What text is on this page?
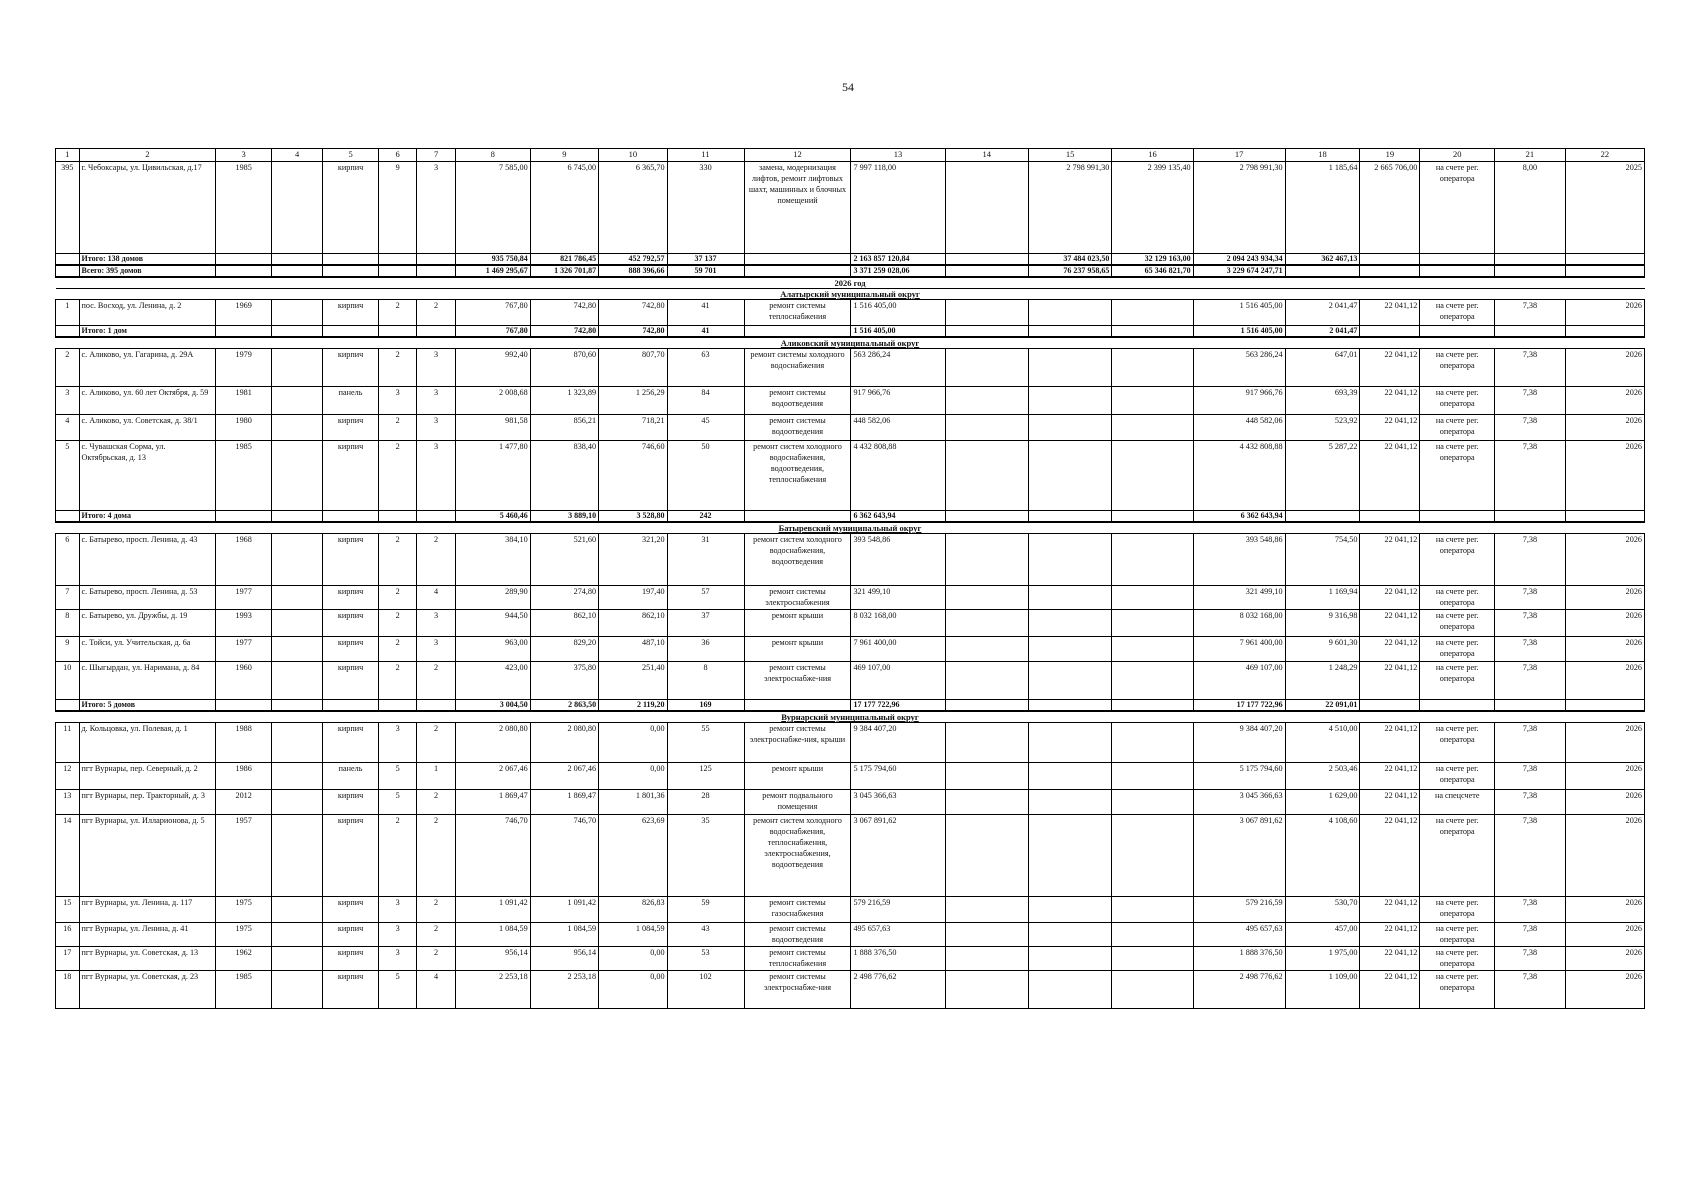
54
1	2	3	4	5	6	7	8	9	10	11	12	13	14	15	16	17	18	19	20	21	22
395	г. Чебоксары, ул. Цивильская, д.17	1985		кирпич	9	3	7 585,00	6 745,00	6 365,70	330	замена, модернизация лифтов, ремонт лифтовых шахт, машинных и блочных помещений	7 997 118,00		2 798 991,30	2 399 135,40	2 798 991,30	1 185,64	2 665 706,00	на счете рег. оператора	8,00	2025
	Итого: 138 домов						935 750,84	821 786,45	452 792,57	37 137		2 163 857 120,84		37 484 023,50	32 129 163,00	2 094 243 934,34	362 467,13				
	Всего: 395 домов						1 469 295,67	1 326 701,87	888 396,66	59 701		3 371 259 028,06		76 237 958,65	65 346 821,70	3 229 674 247,71					
2026 год																					
Алатырский муниципальный округ																					
1	пос. Восход, ул. Ленина, д. 2	1969		кирпич	2	2	767,80	742,80	742,80	41	ремонт системы теплоснабжения	1 516 405,00				1 516 405,00	2 041,47	22 041,12	на счете рег. оператора	7,38	2026
	Итого: 1 дом						767,80	742,80	742,80	41		1 516 405,00				1 516 405,00	2 041,47				
Аликовский муниципальный округ																					
2	с. Аликово, ул. Гагарина, д. 29А	1979		кирпич	2	3	992,40	870,60	807,70	63	ремонт системы холодного водоснабжения	563 286,24				563 286,24	647,01	22 041,12	на счете рег. оператора	7,38	2026
3	с. Аликово, ул. 60 лет Октября, д. 59	1981		панель	3	3	2 008,68	1 323,89	1 256,29	84	ремонт системы водоотведения	917 966,76				917 966,76	693,39	22 041,12	на счете рег. оператора	7,38	2026
4	с. Аликово, ул. Советская, д. 38/1	1980		кирпич	2	3	981,58	856,21	718,21	45	ремонт системы водоотведения	448 582,06				448 582,06	523,92	22 041,12	на счете рег. оператора	7,38	2026
5	с. Чувашская Сорма, ул. Октябрьская, д. 13	1985		кирпич	2	3	1 477,80	838,40	746,60	50	ремонт систем холодного водоснабжения, водоотведения, теплоснабжения	4 432 808,88				4 432 808,88	5 287,22	22 041,12	на счете рег. оператора	7,38	2026
	Итого: 4 дома						5 460,46	3 889,10	3 528,80	242		6 362 643,94				6 362 643,94					
Батыревский муниципальный округ																					
6	с. Батырево, просп. Ленина, д. 43	1968		кирпич	2	2	384,10	521,60	321,20	31	ремонт систем холодного водоснабжения, водоотведения	393 548,86				393 548,86	754,50	22 041,12	на счете рег. оператора	7,38	2026
7	с. Батырево, просп. Ленина, д. 53	1977		кирпич	2	4	289,90	274,80	197,40	57	ремонт системы электроснабжения	321 499,10				321 499,10	1 169,94	22 041,12	на счете рег. оператора	7,38	2026
8	с. Батырево, ул. Дружбы, д. 19	1993		кирпич	2	3	944,50	862,10	862,10	37	ремонт крыши	8 032 168,00				8 032 168,00	9 316,98	22 041,12	на счете рег. оператора	7,38	2026
9	с. Тойси, ул. Учительская, д. 6а	1977		кирпич	2	3	963,00	829,20	487,10	36	ремонт крыши	7 961 400,00				7 961 400,00	9 601,30	22 041,12	на счете рег. оператора	7,38	2026
10	с. Шыгырдан, ул. Нариманa, д. 84	1960		кирпич	2	2	423,00	375,80	251,40	8	ремонт системы электроснабже-ния	469 107,00				469 107,00	1 248,29	22 041,12	на счете рег. оператора	7,38	2026
	Итого: 5 домов						3 004,50	2 863,50	2 119,20	169		17 177 722,96				17 177 722,96	22 091,01				
Вурнарский муниципальный округ																					
11	д. Кольцовка, ул. Полевая, д. 1	1988		кирпич	3	2	2 080,80	2 080,80	0,00	55	ремонт системы электроснабже-ния, крыши	9 384 407,20				9 384 407,20	4 510,00	22 041,12	на счете рег. оператора	7,38	2026
12	пгт Вурнары, пер. Северный, д. 2	1986		панель	5	1	2 067,46	2 067,46	0,00	125	ремонт крыши	5 175 794,60				5 175 794,60	2 503,46	22 041,12	на счете рег. оператора	7,38	2026
13	пгт Вурнары, пер. Тракторный, д. 3	2012		кирпич	5	2	1 869,47	1 869,47	1 801,36	28	ремонт подвального помещения	3 045 366,63				3 045 366,63	1 629,00	22 041,12	на спецсчете	7,38	2026
14	пгт Вурнары, ул. Илларионова, д. 5	1957		кирпич	2	2	746,70	746,70	623,69	35	ремонт систем холодного водоснабжения, теплоснабжения, электроснабжения, водоотведения	3 067 891,62				3 067 891,62	4 108,60	22 041,12	на счете рег. оператора	7,38	2026
15	пгт Вурнары, ул. Ленина, д. 117	1975		кирпич	3	2	1 091,42	1 091,42	826,83	59	ремонт системы газоснабжения	579 216,59				579 216,59	530,70	22 041,12	на счете рег. оператора	7,38	2026
16	пгт Вурнары, ул. Ленина, д. 41	1975		кирпич	3	2	1 084,59	1 084,59	1 084,59	43	ремонт системы водоотведения	495 657,63				495 657,63	457,00	22 041,12	на счете рег. оператора	7,38	2026
17	пгт Вурнары, ул. Советская, д. 13	1962		кирпич	3	2	956,14	956,14	0,00	53	ремонт системы теплоснабжения	1 888 376,50				1 888 376,50	1 975,00	22 041,12	на счете рег. оператора	7,38	2026
18	пгт Вурнары, ул. Советская, д. 23	1985		кирпич	5	4	2 253,18	2 253,18	0,00	102	ремонт системы электроснабже-ния	2 498 776,62				2 498 776,62	1 109,00	22 041,12	на счете рег. оператора	7,38	2026
